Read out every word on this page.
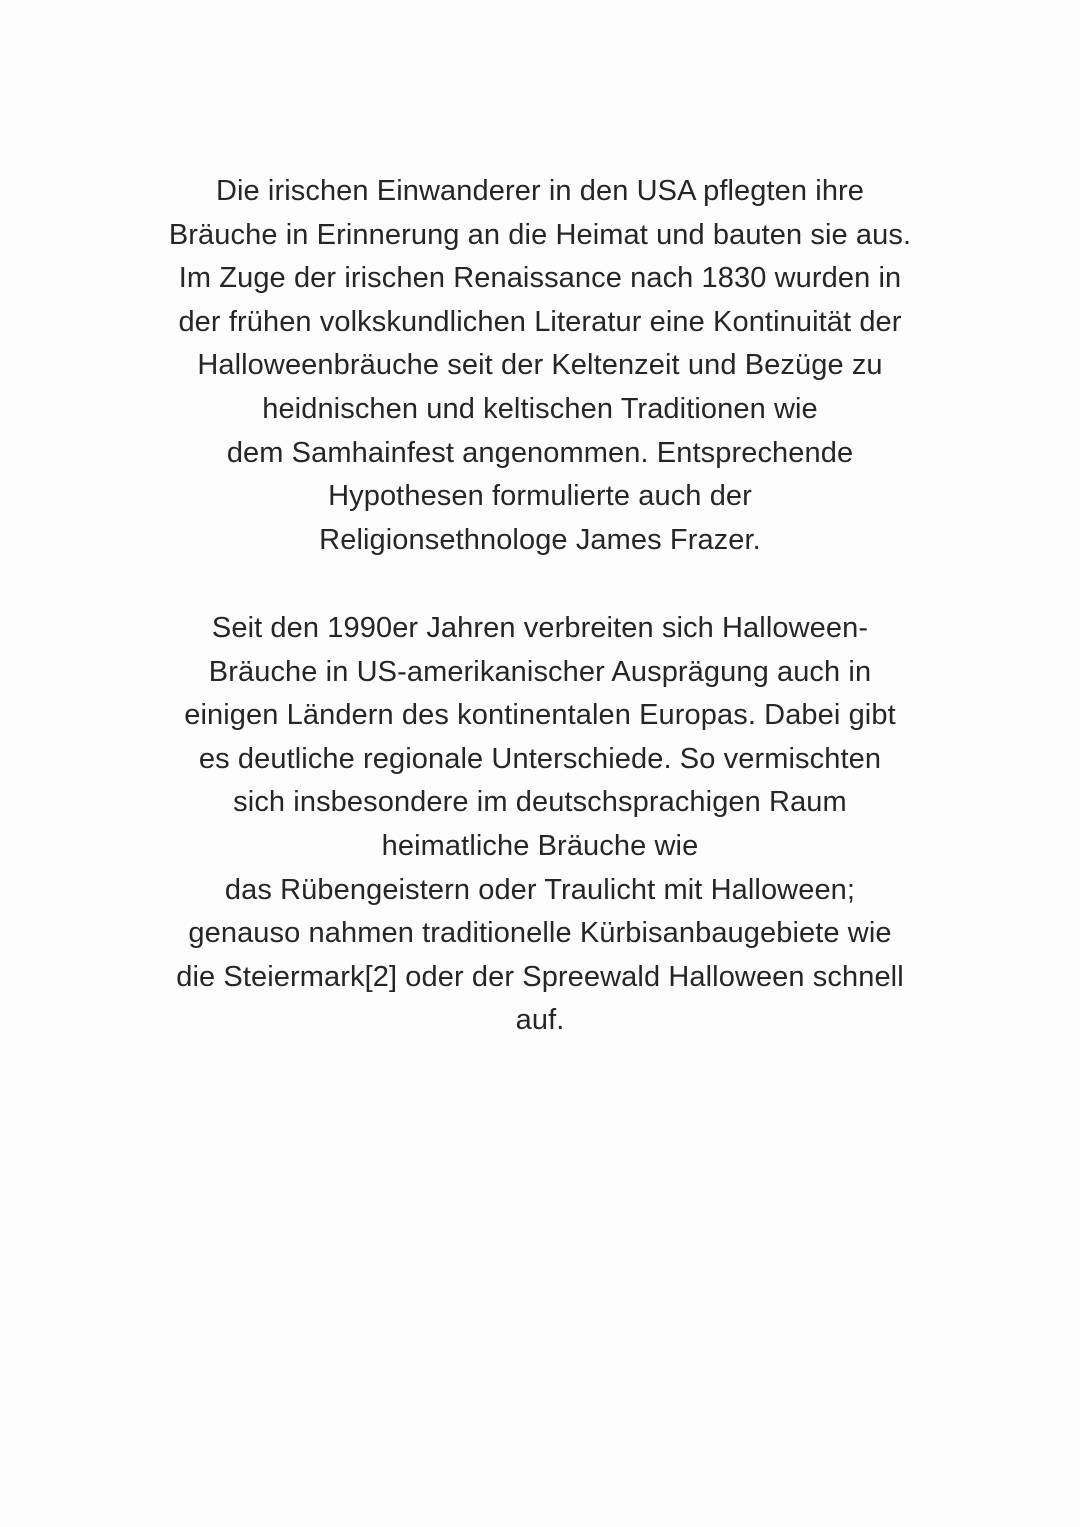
Die irischen Einwanderer in den USA pflegten ihre
Bräuche in Erinnerung an die Heimat und bauten sie aus.
Im Zuge der irischen Renaissance nach 1830 wurden in
der frühen volkskundlichen Literatur eine Kontinuität der
Halloweenbräuche seit der Keltenzeit und Bezüge zu
heidnischen und keltischen Traditionen wie
dem Samhainfest angenommen. Entsprechende
Hypothesen formulierte auch der
Religionsethnologe James Frazer.
Seit den 1990er Jahren verbreiten sich Halloween-
Bräuche in US-amerikanischer Ausprägung auch in
einigen Ländern des kontinentalen Europas. Dabei gibt
es deutliche regionale Unterschiede. So vermischten
sich insbesondere im deutschsprachigen Raum
heimatliche Bräuche wie
das Rübengeistern oder Traulicht mit Halloween;
genauso nahmen traditionelle Kürbisanbaugebiete wie
die Steiermark[2] oder der Spreewald Halloween schnell
auf.
